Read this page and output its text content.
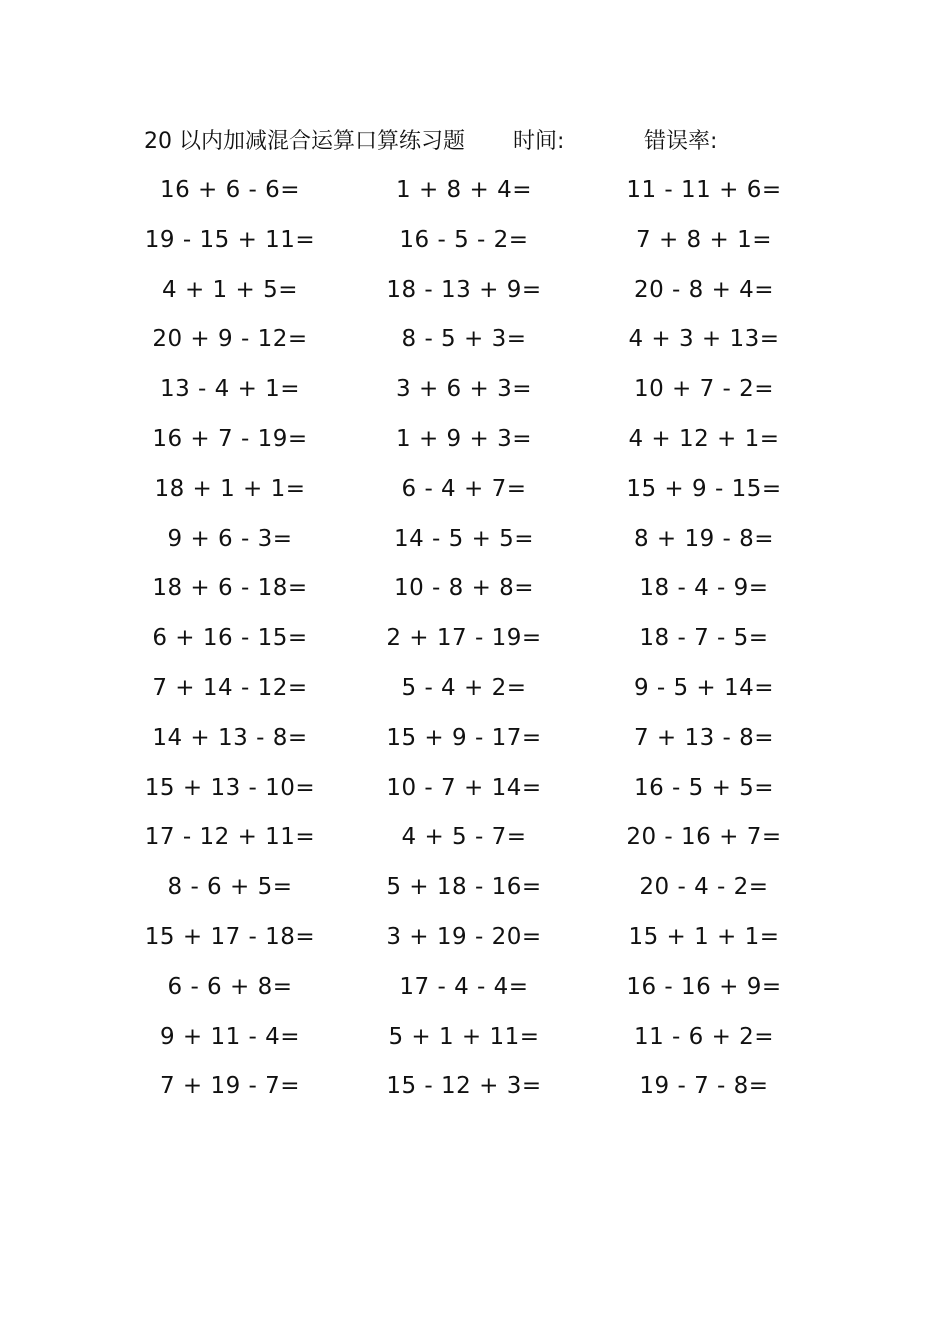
20 以内加减混合运算口算练习题 时间:	错误率:
16 + 6 - 6=	1 + 8 + 4=	11 - 11 + 6=
19 - 15 + 11=	16 - 5 - 2=	7 + 8 + 1=
4 + 1 + 5=	18 - 13 + 9=	20 - 8 + 4=
20 + 9 - 12=	8 - 5 + 3=	4 + 3 + 13=
13 - 4 + 1=	3 + 6 + 3=	10 + 7 - 2=
16 + 7 - 19=	1 + 9 + 3=	4 + 12 + 1=
18 + 1 + 1=	6 - 4 + 7=	15 + 9 - 15=
9 + 6 - 3=	14 - 5 + 5=	8 + 19 - 8=
18 + 6 - 18=	10 - 8 + 8=	18 - 4 - 9=
6 + 16 - 15=	2 + 17 - 19=	18 - 7 - 5=
7 + 14 - 12=	5 - 4 + 2=	9 - 5 + 14=
14 + 13 - 8=	15 + 9 - 17=	7 + 13 - 8=
15 + 13 - 10=	10 - 7 + 14=	16 - 5 + 5=
17 - 12 + 11=	4 + 5 - 7=	20 - 16 + 7=
8 - 6 + 5=	5 + 18 - 16=	20 - 4 - 2=
15 + 17 - 18=	3 + 19 - 20=	15 + 1 + 1=
6 - 6 + 8=	17 - 4 - 4=	16 - 16 + 9=
9 + 11 - 4=	5 + 1 + 11=	11 - 6 + 2=
7 + 19 - 7=	15 - 12 + 3=	19 - 7 - 8=
